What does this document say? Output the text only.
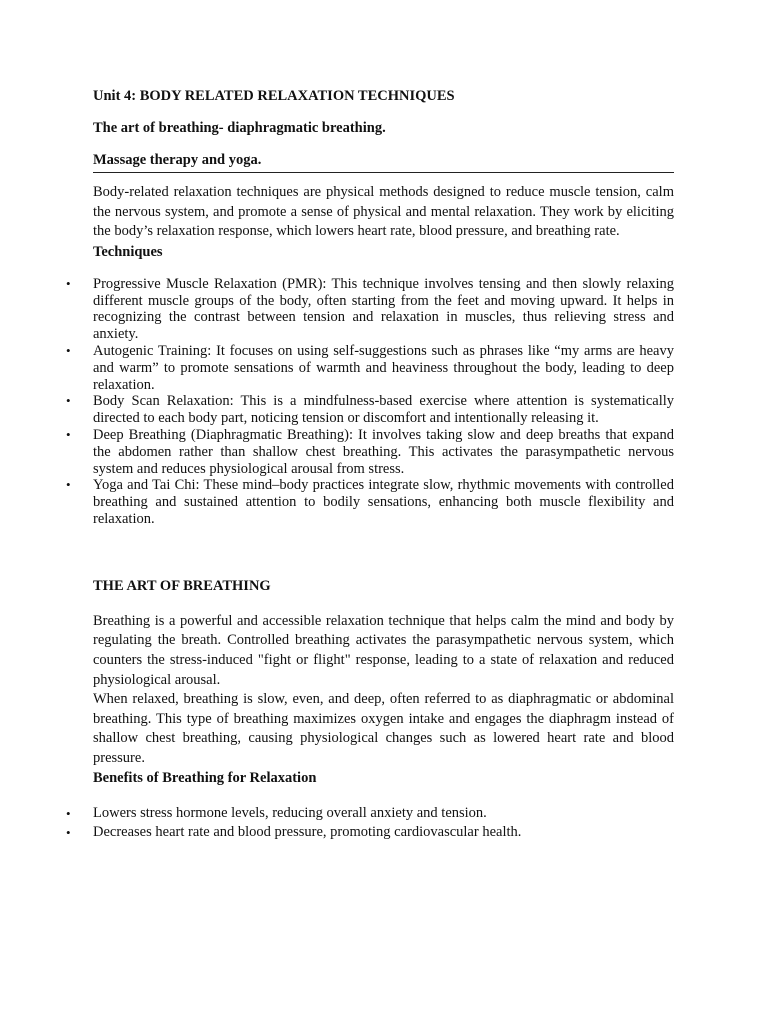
Unit 4: BODY RELATED RELAXATION TECHNIQUES
The art of breathing- diaphragmatic breathing.
Massage therapy and yoga.

Body-related relaxation techniques are physical methods designed to reduce muscle tension, calm the nervous system, and promote a sense of physical and mental relaxation. They work by eliciting the body’s relaxation response, which lowers heart rate, blood pressure, and breathing rate.

Techniques
• Progressive Muscle Relaxation (PMR): This technique involves tensing and then slowly relaxing different muscle groups of the body, often starting from the feet and moving upward. It helps in recognizing the contrast between tension and relaxation in muscles, thus relieving stress and anxiety.
• Autogenic Training: It focuses on using self-suggestions such as phrases like “my arms are heavy and warm” to promote sensations of warmth and heaviness throughout the body, leading to deep relaxation.
• Body Scan Relaxation: This is a mindfulness-based exercise where attention is systematically directed to each body part, noticing tension or discomfort and intentionally releasing it.
• Deep Breathing (Diaphragmatic Breathing): It involves taking slow and deep breaths that expand the abdomen rather than shallow chest breathing. This activates the parasympathetic nervous system and reduces physiological arousal from stress.
• Yoga and Tai Chi: These mind–body practices integrate slow, rhythmic movements with controlled breathing and sustained attention to bodily sensations, enhancing both muscle flexibility and relaxation.
THE ART OF BREATHING

Breathing is a powerful and accessible relaxation technique that helps calm the mind and body by regulating the breath. Controlled breathing activates the parasympathetic nervous system, which counters the stress-induced "fight or flight" response, leading to a state of relaxation and reduced physiological arousal.

When relaxed, breathing is slow, even, and deep, often referred to as diaphragmatic or abdominal breathing. This type of breathing maximizes oxygen intake and engages the diaphragm instead of shallow chest breathing, causing physiological changes such as lowered heart rate and blood pressure.

Benefits of Breathing for Relaxation
• Lowers stress hormone levels, reducing overall anxiety and tension.
• Decreases heart rate and blood pressure, promoting cardiovascular health.
